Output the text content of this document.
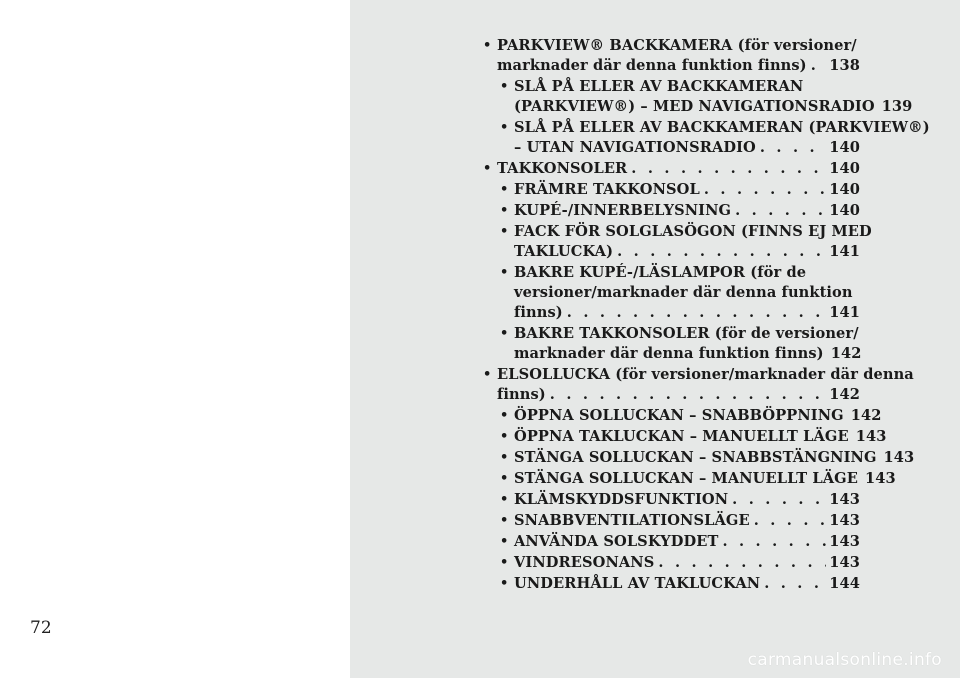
72
• PARKVIEW® BACKKAMERA (för versioner/
marknader där denna funktion finns) . . . 138
• SLÅ PÅ ELLER AV BACKKAMERAN
(PARKVIEW®) – MED NAVIGATIONSRADIO 139
• SLÅ PÅ ELLER AV BACKKAMERAN (PARKVIEW®)
– UTAN NAVIGATIONSRADIO . . .	140
• TAKKONSOLER . . .	140
• FRÄMRE TAKKONSOL . . .	140
• KUPÉ-/INNERBELYSNING . . .	140
• FACK FÖR SOLGLASÖGON (FINNS EJ MED
TAKLUCKA) . . .	141
• BAKRE KUPÉ-/LÄSLAMPOR (för de
versioner/marknader där denna funktion
finns) . . .	141
• BAKRE TAKKONSOLER (för de versioner/
marknader där denna funktion finns) 142
• ELSOLLUCKA (för versioner/marknader där denna
finns) . . .	142
• ÖPPNA SOLLUCKAN – SNABBÖPPNING 142
• ÖPPNA TAKLUCKAN – MANUELLT LÄGE 143
• STÄNGA SOLLUCKAN – SNABBSTÄNGNING 143
• STÄNGA SOLLUCKAN – MANUELLT LÄGE 143
• KLÄMSKYDDSFUNKTION . . .	143
• SNABBVENTILATIONSLÄGE . . .	143
• ANVÄNDA SOLSKYDDET . . .	143
• VINDRESONANS . . .	143
• UNDERHÅLL AV TAKLUCKAN . . .	144
carmanualsonline.info
